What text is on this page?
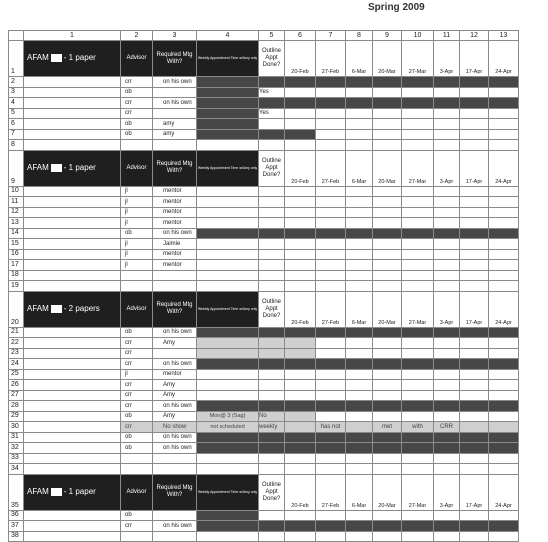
Spring 2009
	1	2	3	4	5	6	7	8	9	10	11	12	13
1	AFAM - 1 paper	Advisor	Required Mtg With?	Weekly Appointment Time w/Amy only	Outline Appt Done?	20-Feb	27-Feb	6-Mar	20-Mar	27-Mar	3-Apr	17-Apr	24-Apr
2		crr	on his own										
3		ob			Yes								
4		crr	on his own										
5		crr			Yes								
6		ob	amy										
7		ob	amy										
8													
9	AFAM - 1 paper	Advisor	Required Mtg With?	Weekly Appointment Time w/Amy only	Outline Appt Done?	20-Feb	27-Feb	6-Mar	20-Mar	27-Mar	3-Apr	17-Apr	24-Apr
10		jl	mentor										
11		jl	mentor										
12		jl	mentor										
13		jl	mentor										
14		ob	on his own										
15		jl	Jaimie										
16		jl	mentor										
17		jl	mentor										
18													
19													
20	AFAM - 2 papers	Advisor	Required Mtg With?	Weekly Appointment Time w/Amy only	Outline Appt Done?	20-Feb	27-Feb	6-Mar	20-Mar	27-Mar	3-Apr	17-Apr	24-Apr
21		ob	on his own										
22		crr	Amy										
23		crr											
24		crr	on his own										
25		jl	mentor										
26		crr	Amy										
27		crr	Amy										
28		crr	on his own										
29		ob	Amy	Mon@ 3 (Sag)	No								
30		crr	No show	not scheduled	weekly		has not		met	with	CRR		
31		ob	on his own										
32		ob	on his own										
33													
34													
35	AFAM - 1 paper	Advisor	Required Mtg With?	Weekly Appointment Time w/Amy only	Outline Appt Done?	20-Feb	27-Feb	6-Mar	20-Mar	27-Mar	3-Apr	17-Apr	24-Apr
36		ob											
37		crr	on his own										
38													
